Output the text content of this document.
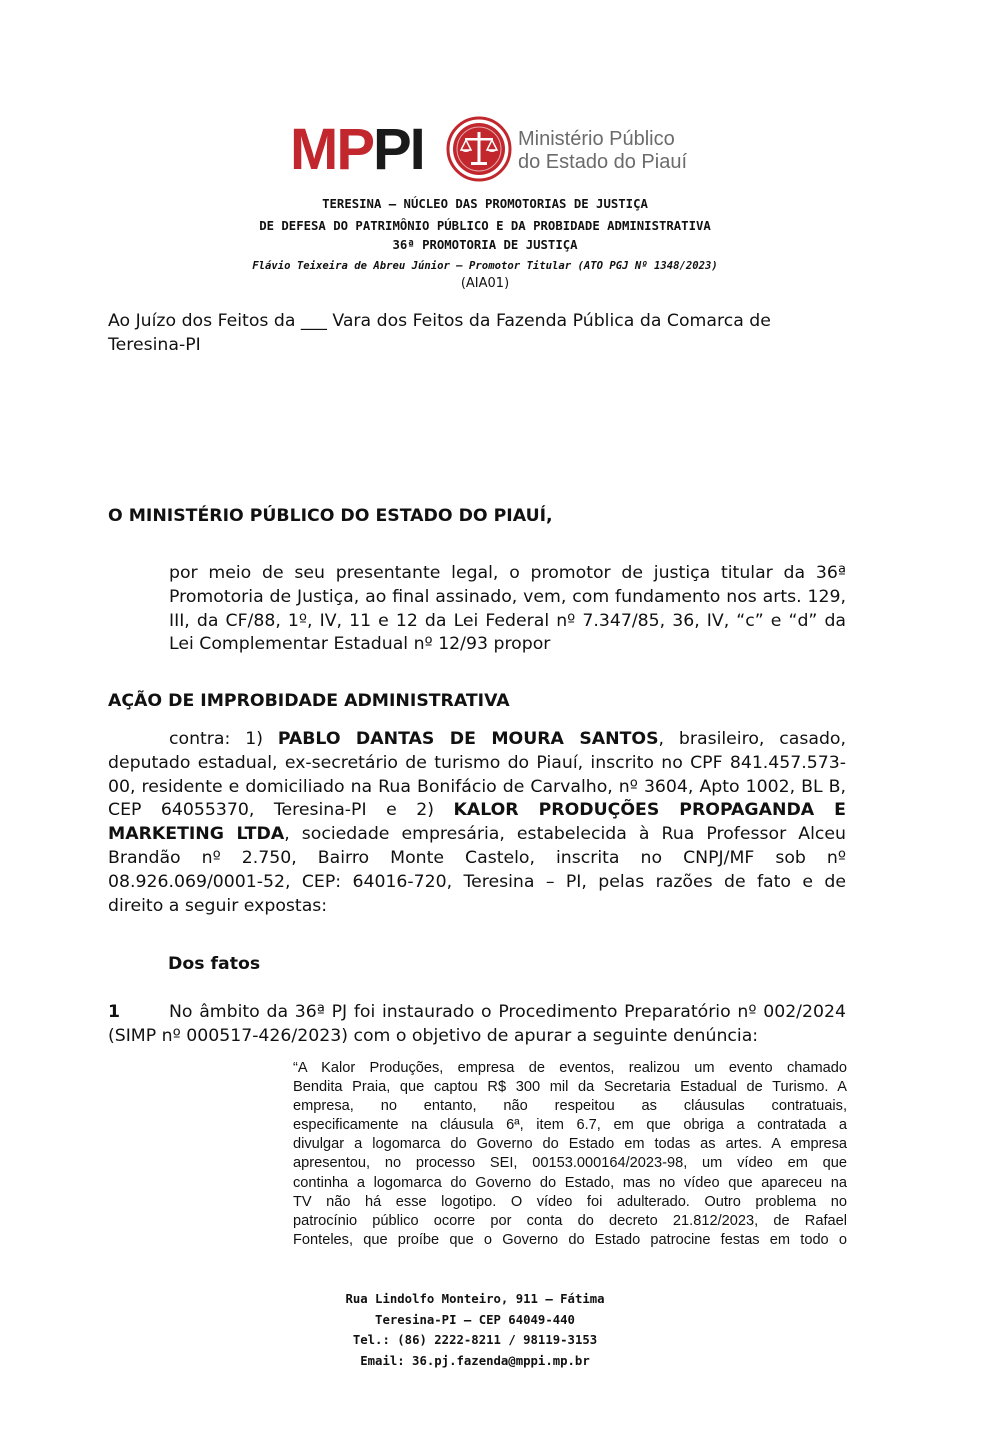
MPPI	Ministério Público
do Estado do Piauí
TERESINA – NÚCLEO DAS PROMOTORIAS DE JUSTIÇA
DE DEFESA DO PATRIMÔNIO PÚBLICO E DA PROBIDADE ADMINISTRATIVA
36ª PROMOTORIA DE JUSTIÇA
Flávio Teixeira de Abreu Júnior – Promotor Titular (ATO PGJ Nº 1348/2023)
(AIA01)
Ao Juízo dos Feitos da ___ Vara dos Feitos da Fazenda Pública da Comarca de
Teresina-PI
O MINISTÉRIO PÚBLICO DO ESTADO DO PIAUÍ,
por meio de seu presentante legal, o promotor de justiça titular da 36ª
Promotoria de Justiça, ao final assinado, vem, com fundamento nos arts. 129,
III, da CF/88, 1º, IV, 11 e 12 da Lei Federal nº 7.347/85, 36, IV, “c” e “d” da
Lei Complementar Estadual nº 12/93 propor
AÇÃO DE IMPROBIDADE ADMINISTRATIVA
contra: 1) PABLO DANTAS DE MOURA SANTOS, brasileiro, casado,
deputado estadual, ex-secretário de turismo do Piauí, inscrito no CPF 841.457.573-
00, residente e domiciliado na Rua Bonifácio de Carvalho, nº 3604, Apto 1002, BL B,
CEP 64055370, Teresina-PI e 2) KALOR PRODUÇÕES PROPAGANDA E
MARKETING LTDA, sociedade empresária, estabelecida à Rua Professor Alceu
Brandão nº 2.750, Bairro Monte Castelo, inscrita no CNPJ/MF sob nº
08.926.069/0001-52, CEP: 64016-720, Teresina – PI, pelas razões de fato e de
direito a seguir expostas:
Dos fatos
1	No âmbito da 36ª PJ foi instaurado o Procedimento Preparatório nº 002/2024
(SIMP nº 000517-426/2023) com o objetivo de apurar a seguinte denúncia:
“A Kalor Produções, empresa de eventos, realizou um evento chamado
Bendita Praia, que captou R$ 300 mil da Secretaria Estadual de Turismo. A
empresa, no entanto, não respeitou as cláusulas contratuais,
especificamente na cláusula 6ª, item 6.7, em que obriga a contratada a
divulgar a logomarca do Governo do Estado em todas as artes. A empresa
apresentou, no processo SEI, 00153.000164/2023-98, um vídeo em que
continha a logomarca do Governo do Estado, mas no vídeo que apareceu na
TV não há esse logotipo. O vídeo foi adulterado. Outro problema no
patrocínio público ocorre por conta do decreto 21.812/2023, de Rafael
Fonteles, que proíbe que o Governo do Estado patrocine festas em todo o
Rua Lindolfo Monteiro, 911 – Fátima
Teresina-PI – CEP 64049-440
Tel.: (86) 2222-8211 / 98119-3153
Email: 36.pj.fazenda@mppi.mp.br
